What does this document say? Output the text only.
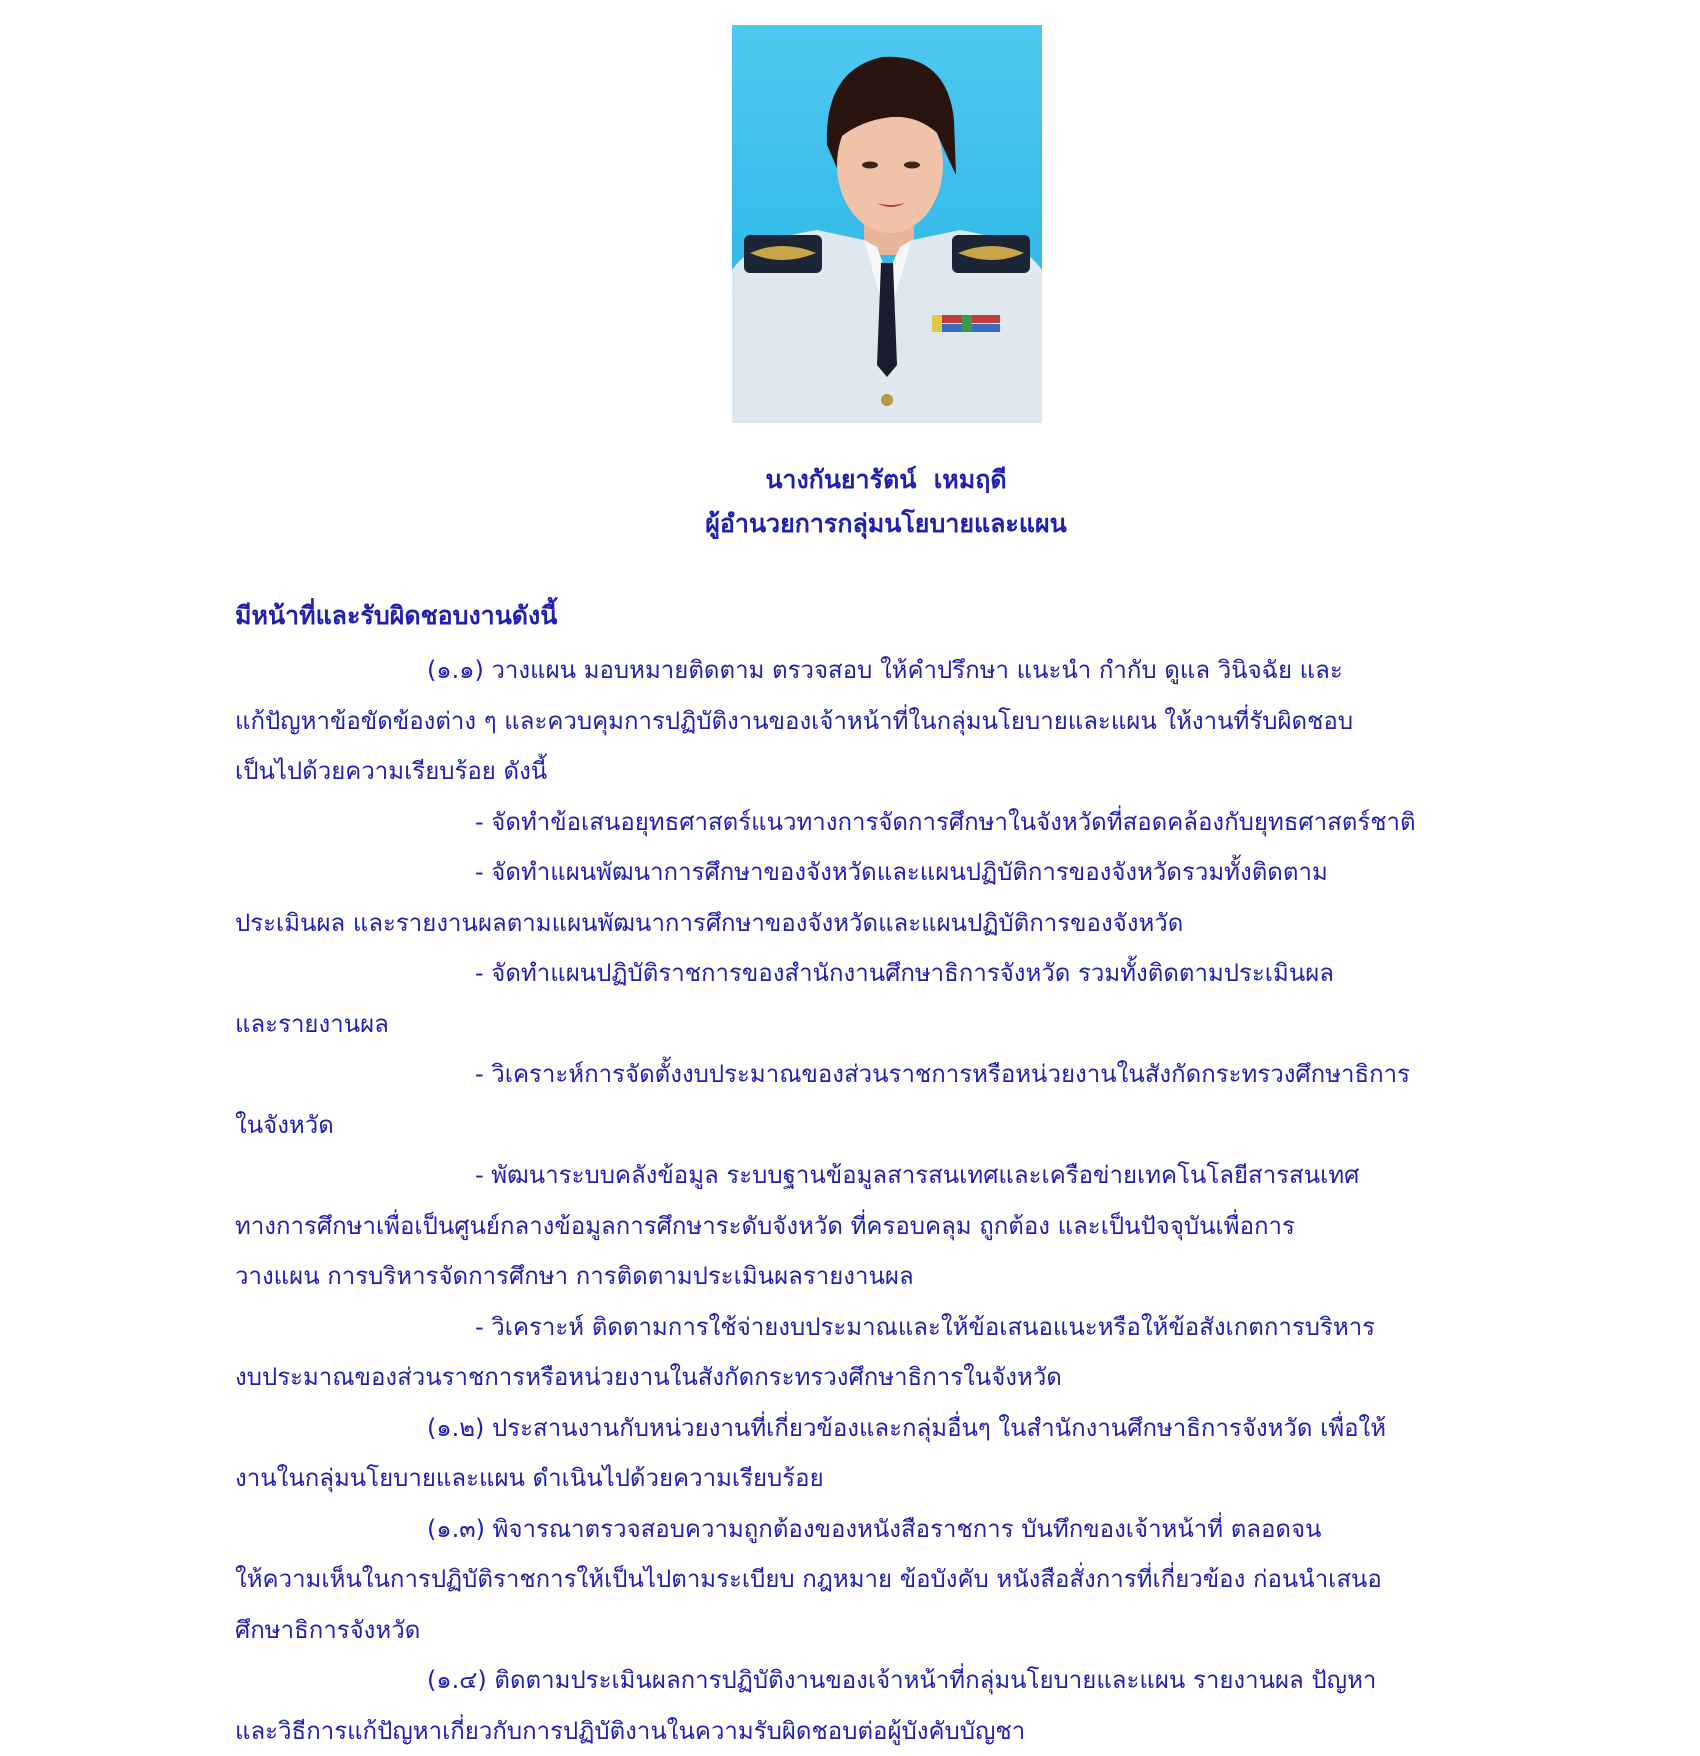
นางกันยารัตน์  เหมฤดี
ผู้อำนวยการกลุ่มนโยบายและแผน
มีหน้าที่และรับผิดชอบงานดังนี้
(๑.๑) วางแผน มอบหมายติดตาม ตรวจสอบ ให้คำปรึกษา แนะนำ กำกับ ดูแล วินิจฉัย และ
แก้ปัญหาข้อขัดข้องต่าง ๆ และควบคุมการปฏิบัติงานของเจ้าหน้าที่ในกลุ่มนโยบายและแผน ให้งานที่รับผิดชอบ
เป็นไปด้วยความเรียบร้อย ดังนี้
- จัดทำข้อเสนอยุทธศาสตร์แนวทางการจัดการศึกษาในจังหวัดที่สอดคล้องกับยุทธศาสตร์ชาติ
- จัดทำแผนพัฒนาการศึกษาของจังหวัดและแผนปฏิบัติการของจังหวัดรวมทั้งติดตาม
ประเมินผล และรายงานผลตามแผนพัฒนาการศึกษาของจังหวัดและแผนปฏิบัติการของจังหวัด
- จัดทำแผนปฏิบัติราชการของสำนักงานศึกษาธิการจังหวัด รวมทั้งติดตามประเมินผล
และรายงานผล
- วิเคราะห์การจัดตั้งงบประมาณของส่วนราชการหรือหน่วยงานในสังกัดกระทรวงศึกษาธิการ
ในจังหวัด
- พัฒนาระบบคลังข้อมูล ระบบฐานข้อมูลสารสนเทศและเครือข่ายเทคโนโลยีสารสนเทศ
ทางการศึกษาเพื่อเป็นศูนย์กลางข้อมูลการศึกษาระดับจังหวัด ที่ครอบคลุม ถูกต้อง และเป็นปัจจุบันเพื่อการ
วางแผน การบริหารจัดการศึกษา การติดตามประเมินผลรายงานผล
- วิเคราะห์ ติดตามการใช้จ่ายงบประมาณและให้ข้อเสนอแนะหรือให้ข้อสังเกตการบริหาร
งบประมาณของส่วนราชการหรือหน่วยงานในสังกัดกระทรวงศึกษาธิการในจังหวัด
(๑.๒) ประสานงานกับหน่วยงานที่เกี่ยวข้องและกลุ่มอื่นๆ ในสำนักงานศึกษาธิการจังหวัด เพื่อให้
งานในกลุ่มนโยบายและแผน ดำเนินไปด้วยความเรียบร้อย
(๑.๓) พิจารณาตรวจสอบความถูกต้องของหนังสือราชการ บันทึกของเจ้าหน้าที่ ตลอดจน
ให้ความเห็นในการปฏิบัติราชการให้เป็นไปตามระเบียบ กฎหมาย ข้อบังคับ หนังสือสั่งการที่เกี่ยวข้อง ก่อนนำเสนอ
ศึกษาธิการจังหวัด
(๑.๔) ติดตามประเมินผลการปฏิบัติงานของเจ้าหน้าที่กลุ่มนโยบายและแผน รายงานผล ปัญหา
และวิธีการแก้ปัญหาเกี่ยวกับการปฏิบัติงานในความรับผิดชอบต่อผู้บังคับบัญชา
